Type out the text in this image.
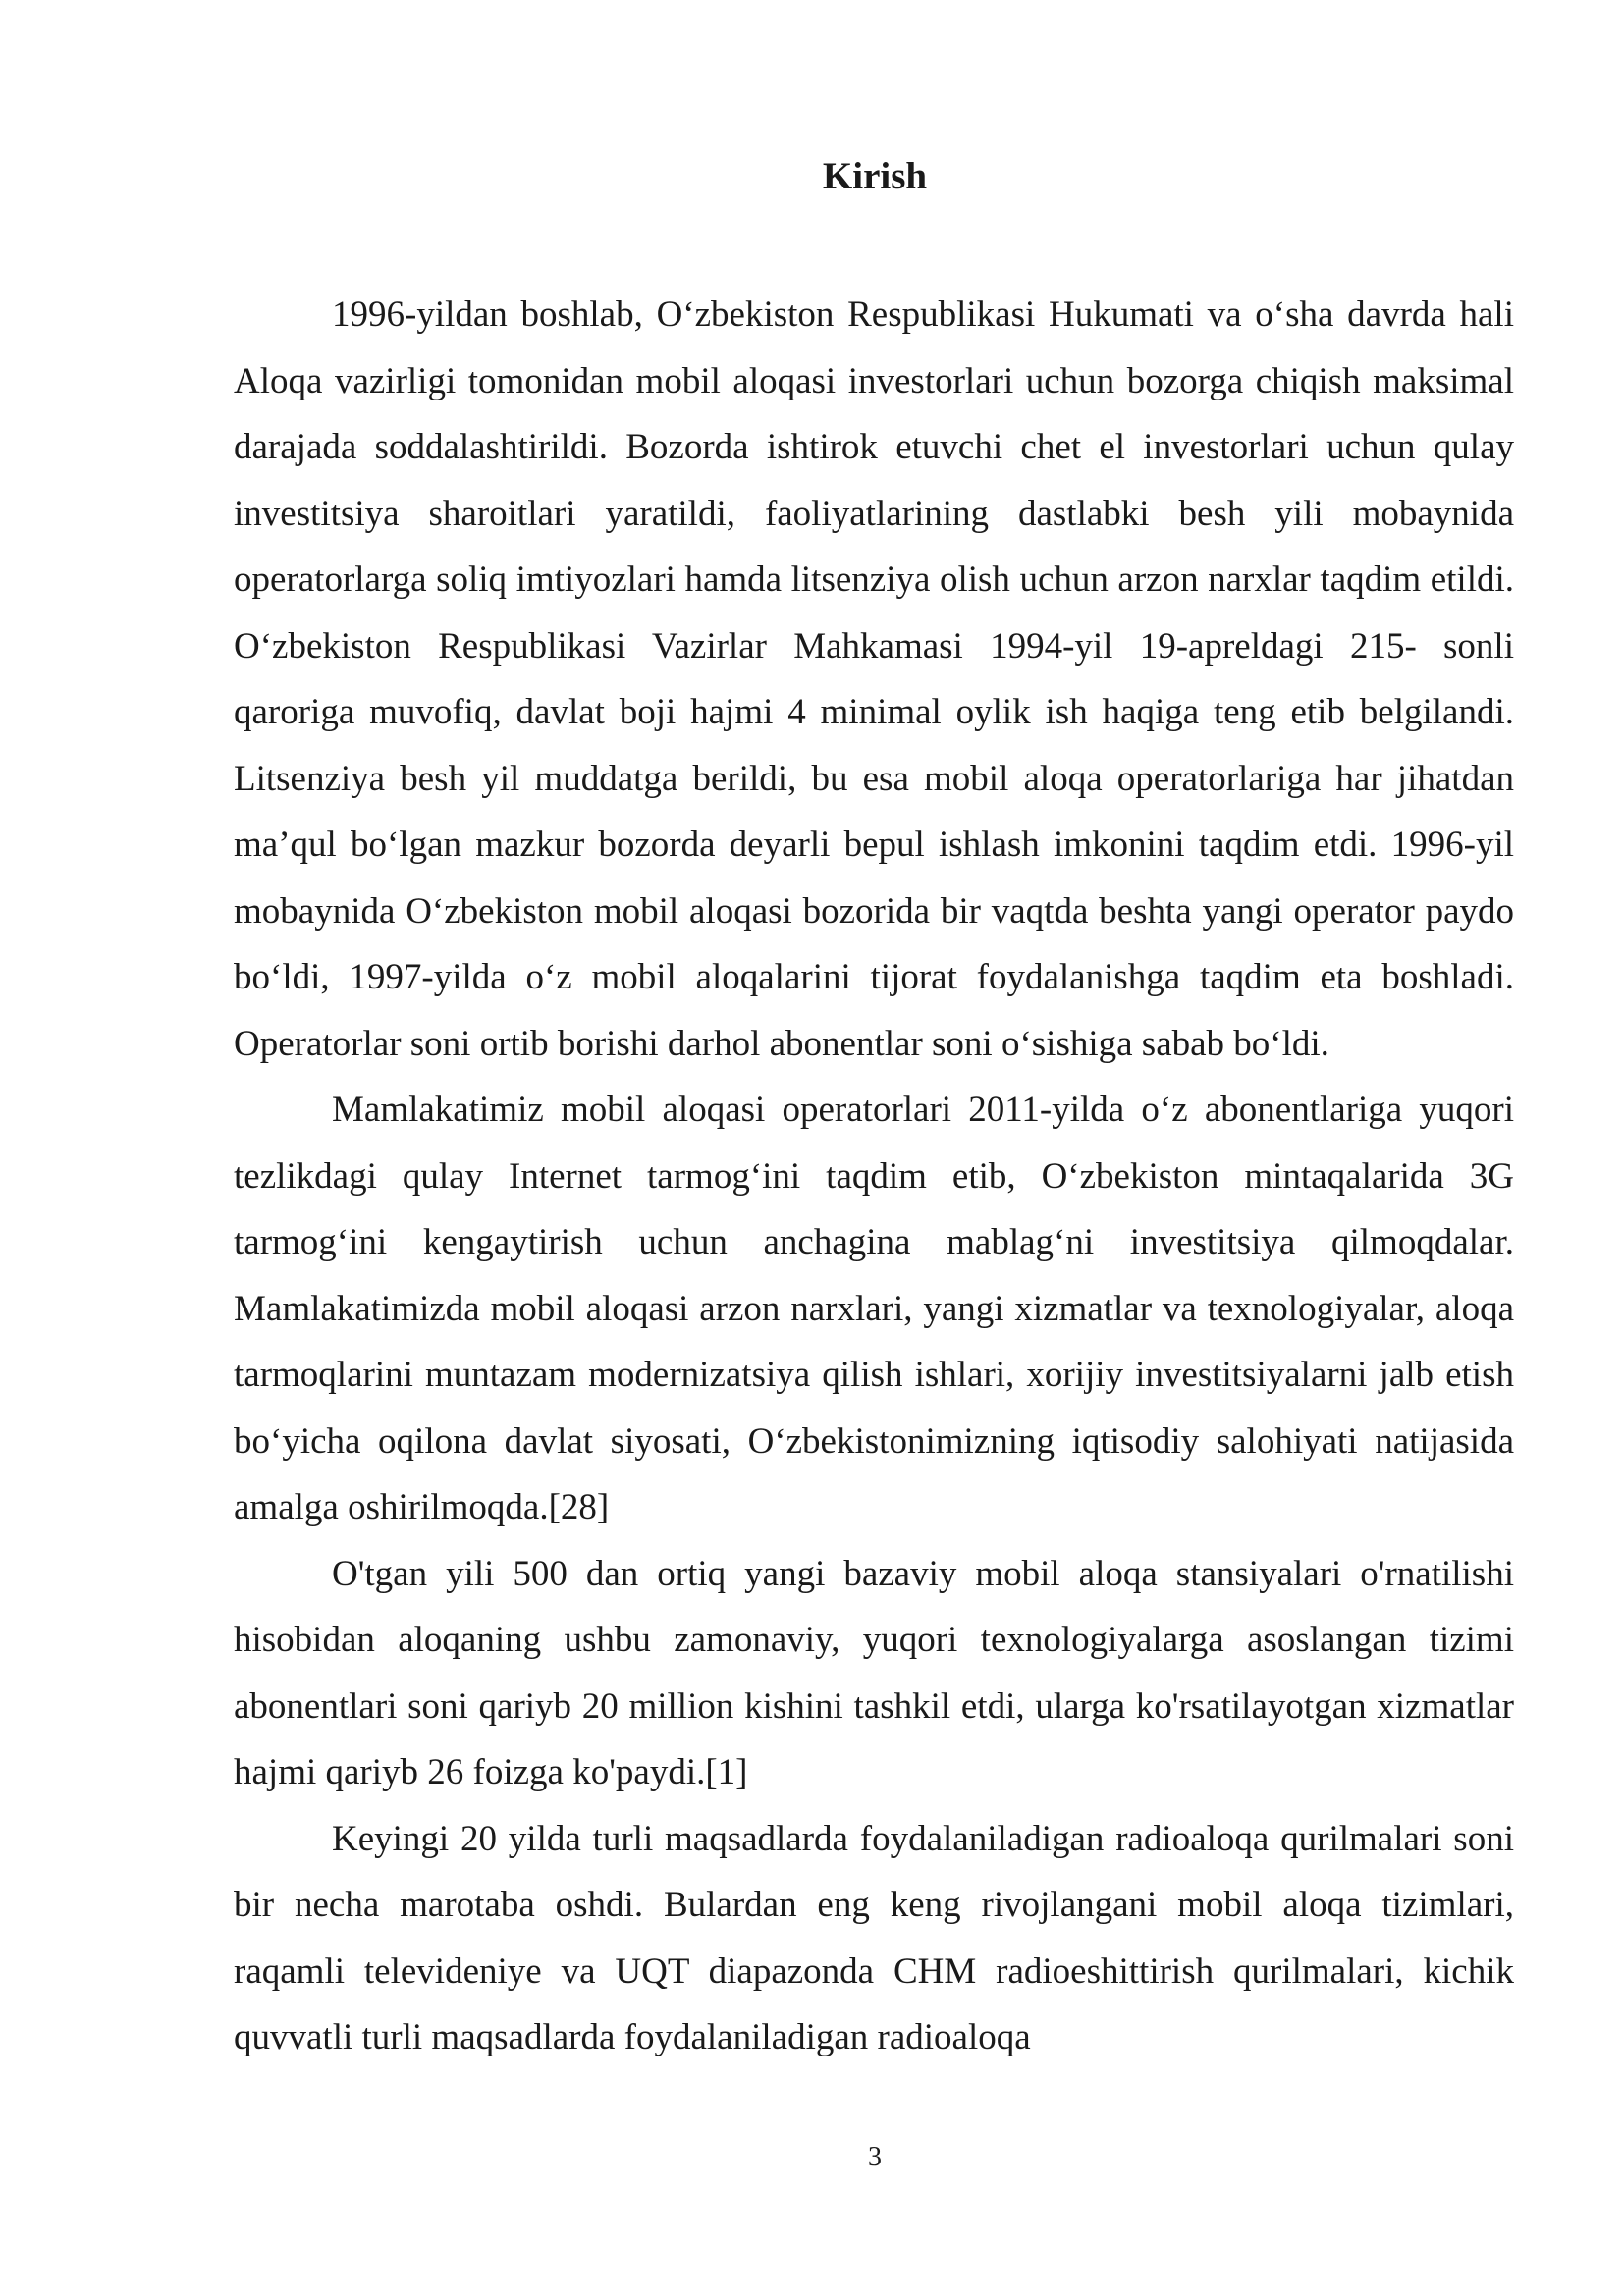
Kirish

1996-yildan boshlab, O‘zbekiston Respublikasi Hukumati va o‘sha davrda hali Aloqa vazirligi tomonidan mobil aloqasi investorlari uchun bozorga chiqish maksimal darajada soddalashtirildi. Bozorda ishtirok etuvchi chet el investorlari uchun qulay investitsiya sharoitlari yaratildi, faoliyatlarining dastlabki besh yili mobaynida operatorlarga soliq imtiyozlari hamda litsenziya olish uchun arzon narxlar taqdim etildi. O‘zbekiston Respublikasi Vazirlar Mahkamasi 1994-yil 19-apreldagi 215- sonli qaroriga muvofiq, davlat boji hajmi 4 minimal oylik ish haqiga teng etib belgilandi. Litsenziya besh yil muddatga berildi, bu esa mobil aloqa operatorlariga har jihatdan ma’qul bo‘lgan mazkur bozorda deyarli bepul ishlash imkonini taqdim etdi. 1996-yil mobaynida O‘zbekiston mobil aloqasi bozorida bir vaqtda beshta yangi operator paydo bo‘ldi, 1997-yilda o‘z mobil aloqalarini tijorat foydalanishga taqdim eta boshladi. Operatorlar soni ortib borishi darhol abonentlar soni o‘sishiga sabab bo‘ldi.

Mamlakatimiz mobil aloqasi operatorlari 2011-yilda o‘z abonentlariga yuqori tezlikdagi qulay Internet tarmog‘ini taqdim etib, O‘zbekiston mintaqalarida 3G tarmog‘ini kengaytirish uchun anchagina mablag‘ni investitsiya qilmoqdalar. Mamlakatimizda mobil aloqasi arzon narxlari, yangi xizmatlar va texnologiyalar, aloqa tarmoqlarini muntazam modernizatsiya qilish ishlari, xorijiy investitsiyalarni jalb etish bo‘yicha oqilona davlat siyosati, O‘zbekistonimizning iqtisodiy salohiyati natijasida amalga oshirilmoqda.[28]

O'tgan yili 500 dan ortiq yangi bazaviy mobil aloqa stansiyalari o'rnatilishi hisobidan aloqaning ushbu zamonaviy, yuqori texnologiyalarga asoslangan tizimi abonentlari soni qariyb 20 million kishini tashkil etdi, ularga ko'rsatilayotgan xizmatlar hajmi qariyb 26 foizga ko'paydi.[1]

Keyingi 20 yilda turli maqsadlarda foydalaniladigan radioaloqa qurilmalari soni bir necha marotaba oshdi. Bulardan eng keng rivojlangani mobil aloqa tizimlari, raqamli televideniye va UQT diapazonda CHM radioeshittirish qurilmalari, kichik quvvatli turli maqsadlarda foydalaniladigan radioaloqa

3
